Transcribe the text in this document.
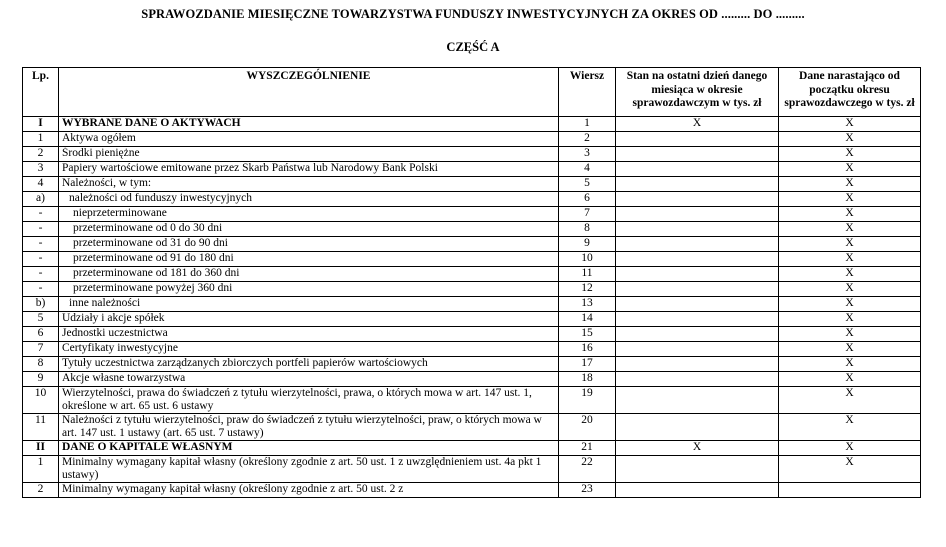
SPRAWOZDANIE MIESIĘCZNE TOWARZYSTWA FUNDUSZY INWESTYCYJNYCH ZA OKRES OD ......... DO .........
CZĘŚĆ A
Lp.	WYSZCZEGÓLNIENIE	Wiersz	Stan na ostatni dzień danego miesiąca w okresie sprawozdawczym w tys. zł	Dane narastająco od początku okresu sprawozdawczego w tys. zł
I	WYBRANE DANE O AKTYWACH	1	X	X
1	Aktywa ogółem	2		X
2	Środki pieniężne	3		X
3	Papiery wartościowe emitowane przez Skarb Państwa lub Narodowy Bank Polski	4		X
4	Należności, w tym:	5		X
a)	należności od funduszy inwestycyjnych	6		X
-	nieprzeterminowane	7		X
-	przeterminowane od 0 do 30 dni	8		X
-	przeterminowane od 31 do 90 dni	9		X
-	przeterminowane od 91 do 180 dni	10		X
-	przeterminowane od 181 do 360 dni	11		X
-	przeterminowane powyżej 360 dni	12		X
b)	inne należności	13		X
5	Udziały i akcje spółek	14		X
6	Jednostki uczestnictwa	15		X
7	Certyfikaty inwestycyjne	16		X
8	Tytuły uczestnictwa zarządzanych zbiorczych portfeli papierów wartościowych	17		X
9	Akcje własne towarzystwa	18		X
10	Wierzytelności, prawa do świadczeń z tytułu wierzytelności, prawa, o których mowa w art. 147 ust. 1, określone w art. 65 ust. 6 ustawy	19		X
11	Należności z tytułu wierzytelności, praw do świadczeń z tytułu wierzytelności, praw, o których mowa w art. 147 ust. 1 ustawy (art. 65 ust. 7 ustawy)	20		X
II	DANE O KAPITALE WŁASNYM	21	X	X
1	Minimalny wymagany kapitał własny (określony zgodnie z art. 50 ust. 1 z uwzględnieniem ust. 4a pkt 1 ustawy)	22		X
2	Minimalny wymagany kapitał własny (określony zgodnie z art. 50 ust. 2 z	23		
